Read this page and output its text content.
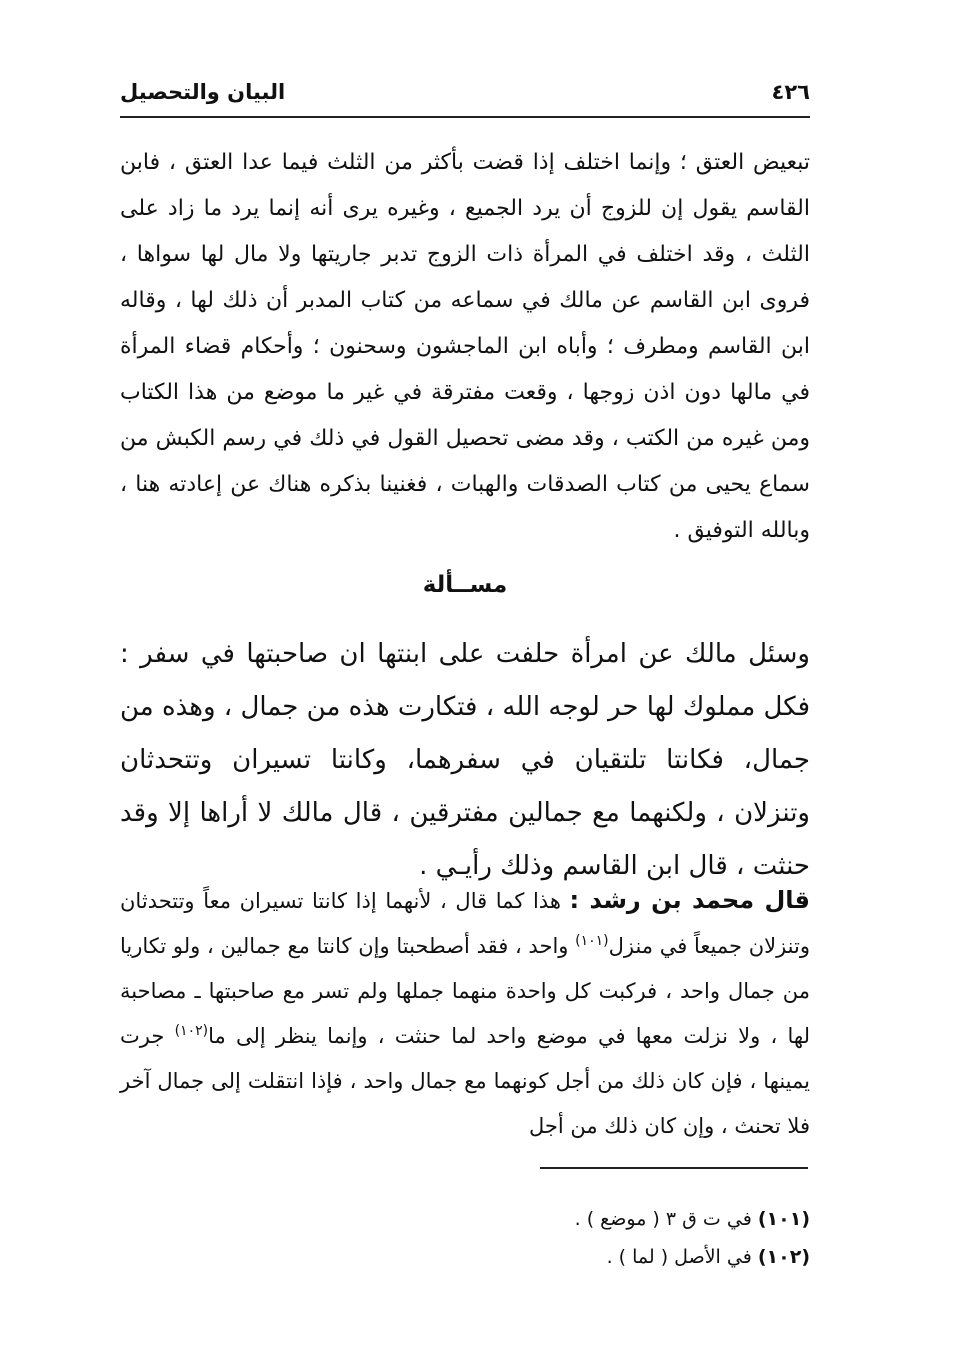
٤٢٦
البيان والتحصيل

تبعيض العتق ؛ وإنما اختلف إذا قضت بأكثر من الثلث فيما عدا العتق ، فابن القاسم يقول إن للزوج أن يرد الجميع ، وغيره يرى أنه إنما يرد ما زاد على الثلث ، وقد اختلف في المرأة ذات الزوج تدبر جاريتها ولا مال لها سواها ، فروى ابن القاسم عن مالك في سماعه من كتاب المدبر أن ذلك لها ، وقاله ابن القاسم ومطرف ؛ وأباه ابن الماجشون وسحنون ؛ وأحكام قضاء المرأة في مالها دون اذن زوجها ، وقعت مفترقة في غير ما موضع من هذا الكتاب ومن غيره من الكتب ، وقد مضى تحصيل القول في ذلك في رسم الكبش من سماع يحيى من كتاب الصدقات والهبات ، فغنينا بذكره هناك عن إعادته هنا ، وبالله التوفيق .

مســألة

وسئل مالك عن امرأة حلفت على ابنتها ان صاحبتها في سفر : فكل مملوك لها حر لوجه الله ، فتكارت هذه من جمال ، وهذه من جمال، فكانتا تلتقيان في سفرهما، وكانتا تسيران وتتحدثان وتنزلان ، ولكنهما مع جمالين مفترقين ، قال مالك لا أراها إلا وقد حنثت ، قال ابن القاسم وذلك رأيـي .

قال محمد بن رشد : هذا كما قال ، لأنهما إذا كانتا تسيران معاً وتتحدثان وتنزلان جميعاً في منزل$^{(١٠١)}$ واحد ، فقد أصطحبتا وإن كانتا مع جمالين ، ولو تكاريا من جمال واحد ، فركبت كل واحدة منهما جملها ولم تسر مع صاحبتها ـ مصاحبة لها ، ولا نزلت معها في موضع واحد لما حنثت ، وإنما ينظر إلى ما$^{(١٠٢)}$ جرت يمينها ، فإن كان ذلك من أجل كونهما مع جمال واحد ، فإذا انتقلت إلى جمال آخر فلا تحنث ، وإن كان ذلك من أجل

(١٠١) في ت ق ٣ ( موضع ) .
(١٠٢) في الأصل ( لما ) .
